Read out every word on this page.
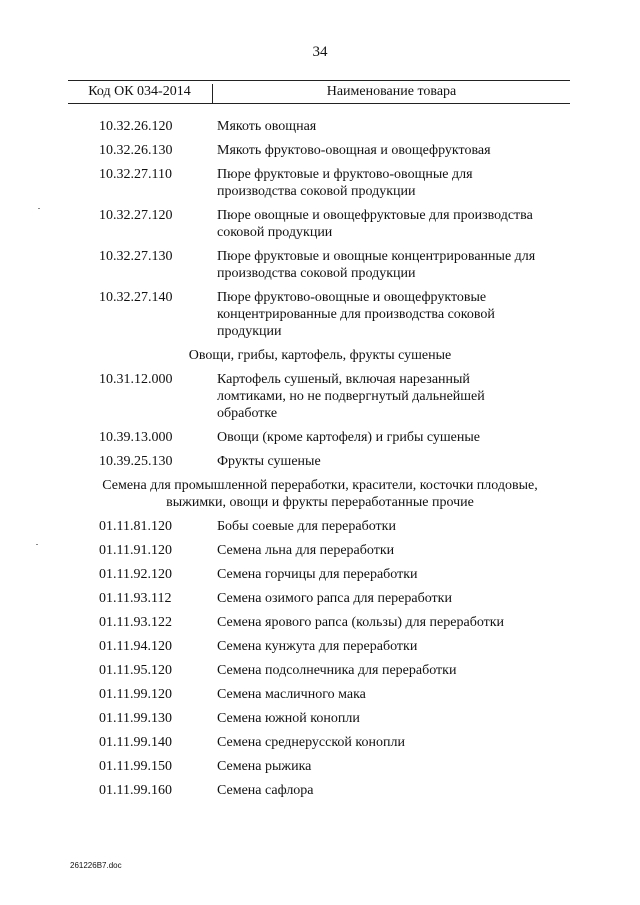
34
Код ОК 034-2014	Наименование товара
10.32.26.120	Мякоть овощная
10.32.26.130	Мякоть фруктово-овощная и овощефруктовая
10.32.27.110	Пюре фруктовые и фруктово-овощные для
производства соковой продукции
10.32.27.120	Пюре овощные и овощефруктовые для производства
соковой продукции
10.32.27.130	Пюре фруктовые и овощные концентрированные для
производства соковой продукции
10.32.27.140	Пюре фруктово-овощные и овощефруктовые
концентрированные для производства соковой
продукции
Овощи, грибы, картофель, фрукты сушеные
10.31.12.000	Картофель сушеный, включая нарезанный
ломтиками, но не подвергнутый дальнейшей
обработке
10.39.13.000	Овощи (кроме картофеля) и грибы сушеные
10.39.25.130	Фрукты сушеные
Семена для промышленной переработки, красители, косточки плодовые,
выжимки, овощи и фрукты переработанные прочие
01.11.81.120	Бобы соевые для переработки
01.11.91.120	Семена льна для переработки
01.11.92.120	Семена горчицы для переработки
01.11.93.112	Семена озимого рапса для переработки
01.11.93.122	Семена ярового рапса (кользы) для переработки
01.11.94.120	Семена кунжута для переработки
01.11.95.120	Семена подсолнечника для переработки
01.11.99.120	Семена масличного мака
01.11.99.130	Семена южной конопли
01.11.99.140	Семена среднерусской конопли
01.11.99.150	Семена рыжика
01.11.99.160	Семена сафлора
261226B7.doc
